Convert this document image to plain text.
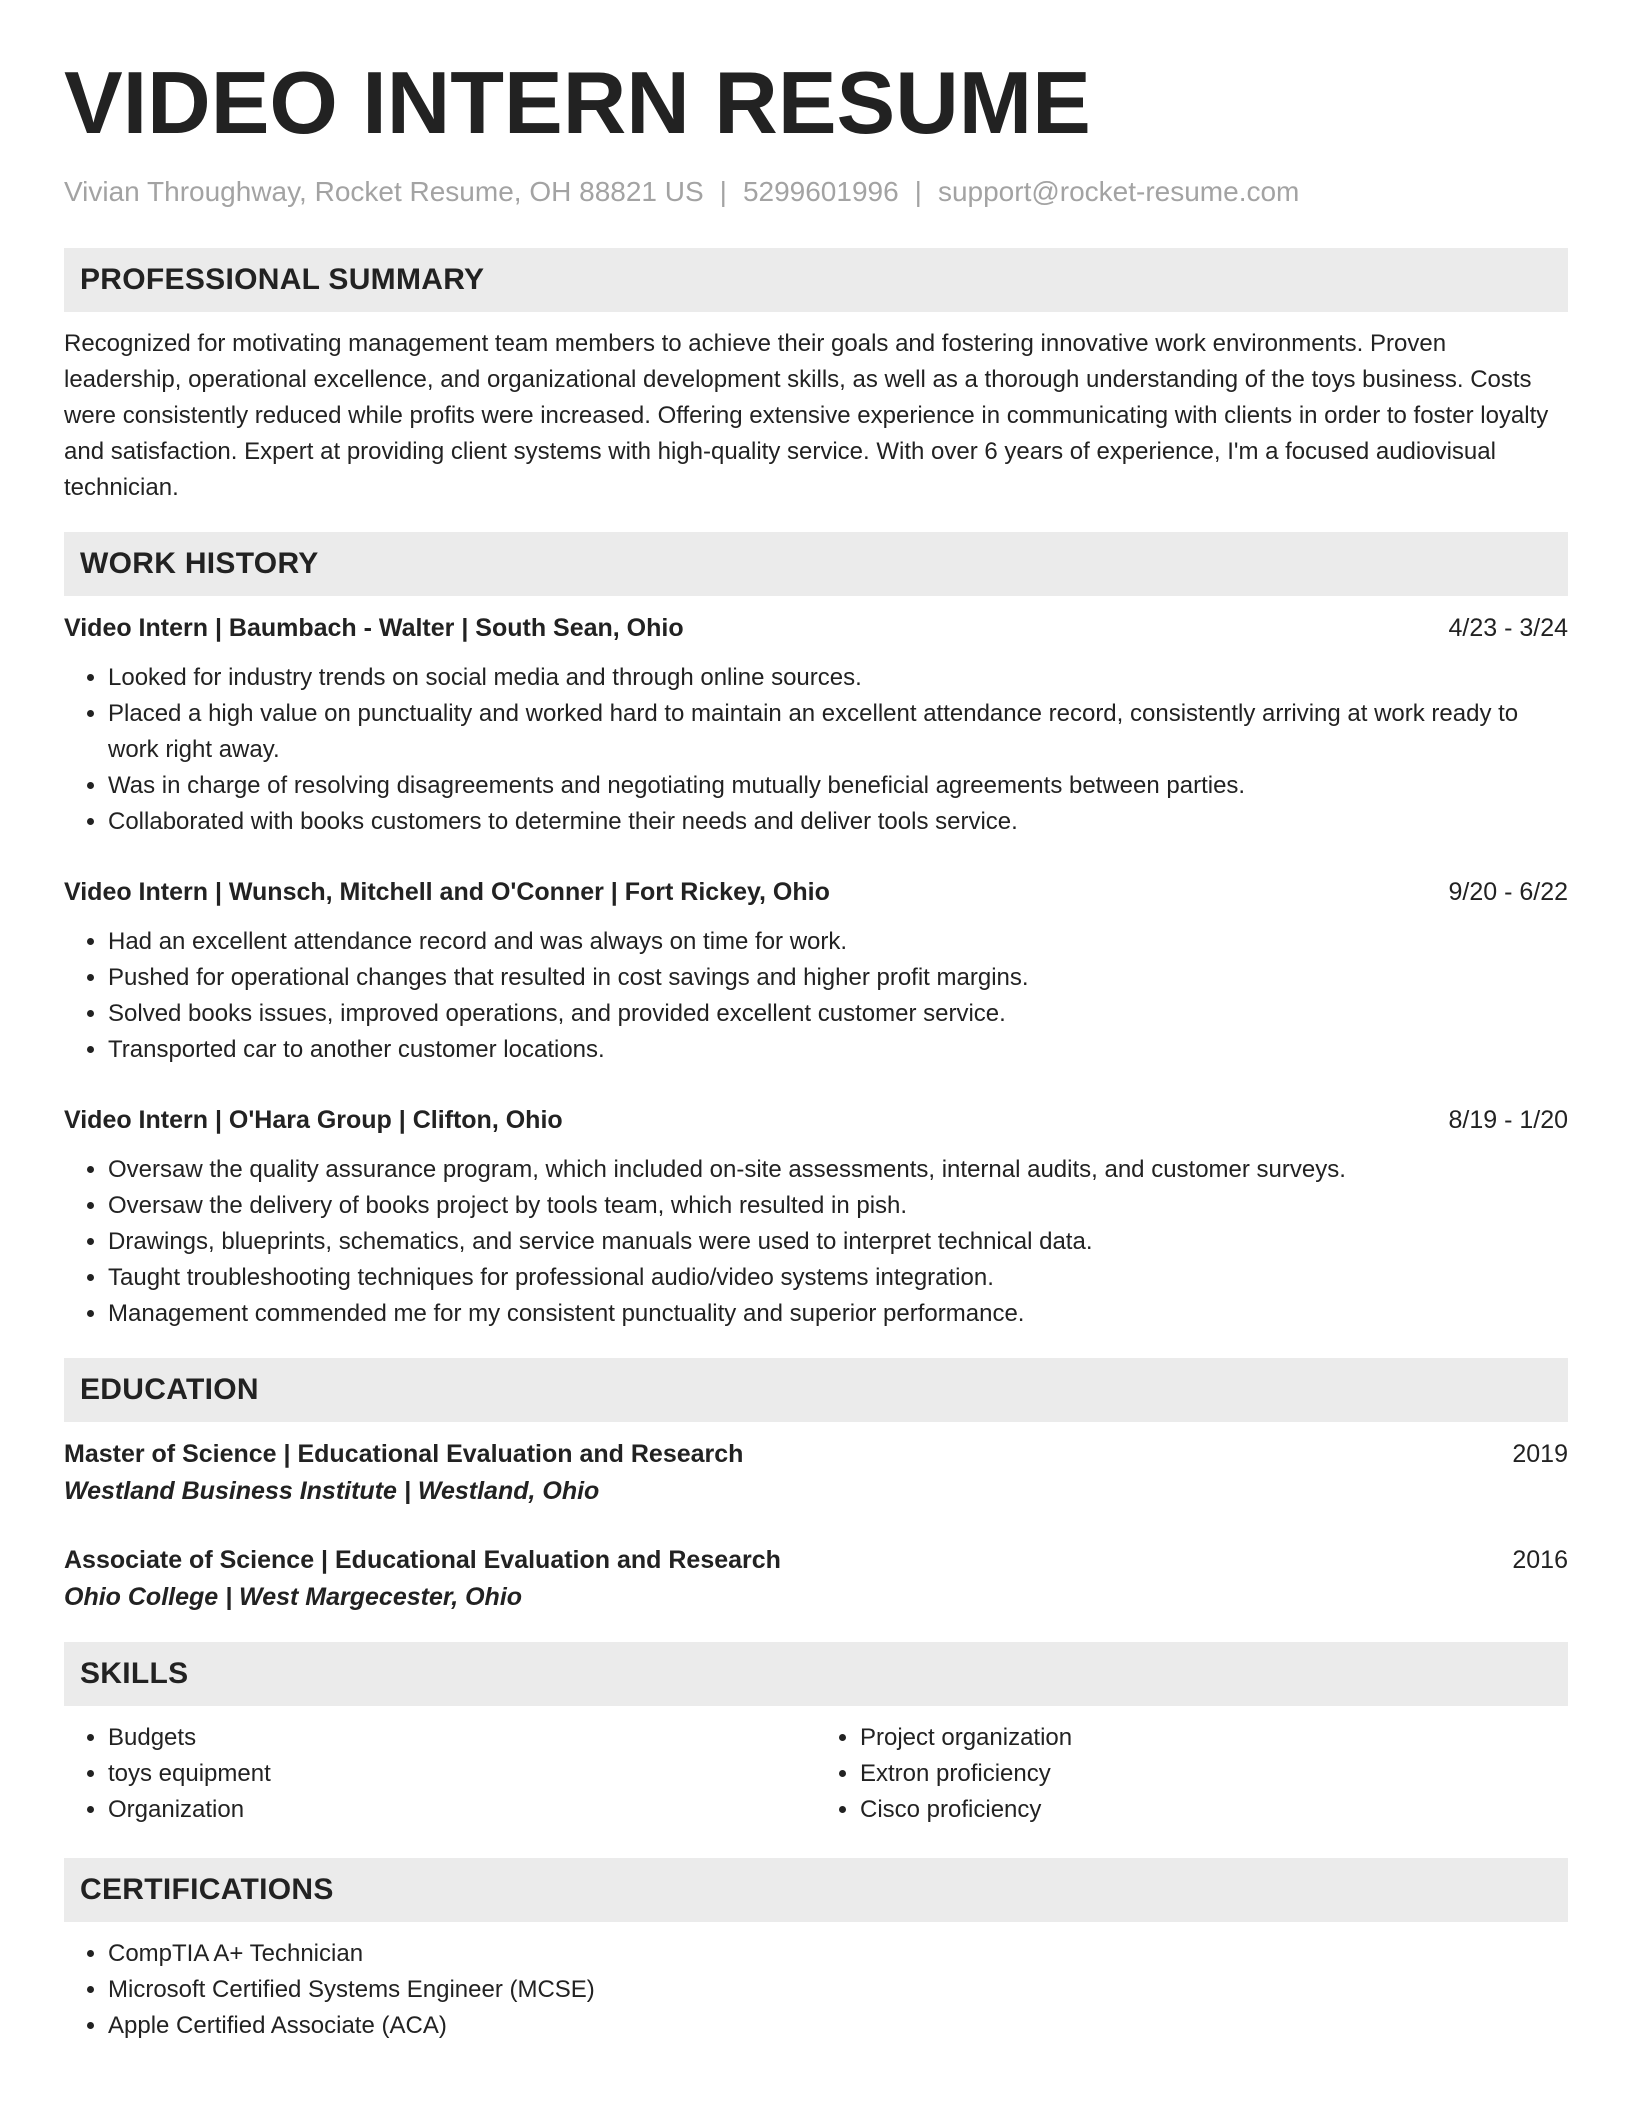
VIDEO INTERN RESUME
Vivian Throughway, Rocket Resume, OH 88821 US | 5299601996 | support@rocket-resume.com
PROFESSIONAL SUMMARY
Recognized for motivating management team members to achieve their goals and fostering innovative work environments. Proven leadership, operational excellence, and organizational development skills, as well as a thorough understanding of the toys business. Costs were consistently reduced while profits were increased. Offering extensive experience in communicating with clients in order to foster loyalty and satisfaction. Expert at providing client systems with high-quality service. With over 6 years of experience, I'm a focused audiovisual technician.
WORK HISTORY
Video Intern | Baumbach - Walter | South Sean, Ohio	4/23 - 3/24
• Looked for industry trends on social media and through online sources.
• Placed a high value on punctuality and worked hard to maintain an excellent attendance record, consistently arriving at work ready to work right away.
• Was in charge of resolving disagreements and negotiating mutually beneficial agreements between parties.
• Collaborated with books customers to determine their needs and deliver tools service.
Video Intern | Wunsch, Mitchell and O'Conner | Fort Rickey, Ohio	9/20 - 6/22
• Had an excellent attendance record and was always on time for work.
• Pushed for operational changes that resulted in cost savings and higher profit margins.
• Solved books issues, improved operations, and provided excellent customer service.
• Transported car to another customer locations.
Video Intern | O'Hara Group | Clifton, Ohio	8/19 - 1/20
• Oversaw the quality assurance program, which included on-site assessments, internal audits, and customer surveys.
• Oversaw the delivery of books project by tools team, which resulted in pish.
• Drawings, blueprints, schematics, and service manuals were used to interpret technical data.
• Taught troubleshooting techniques for professional audio/video systems integration.
• Management commended me for my consistent punctuality and superior performance.
EDUCATION
Master of Science | Educational Evaluation and Research	2019
Westland Business Institute | Westland, Ohio
Associate of Science | Educational Evaluation and Research	2016
Ohio College | West Margecester, Ohio
SKILLS
• Budgets
• toys equipment
• Organization
• Project organization
• Extron proficiency
• Cisco proficiency
CERTIFICATIONS
• CompTIA A+ Technician
• Microsoft Certified Systems Engineer (MCSE)
• Apple Certified Associate (ACA)
